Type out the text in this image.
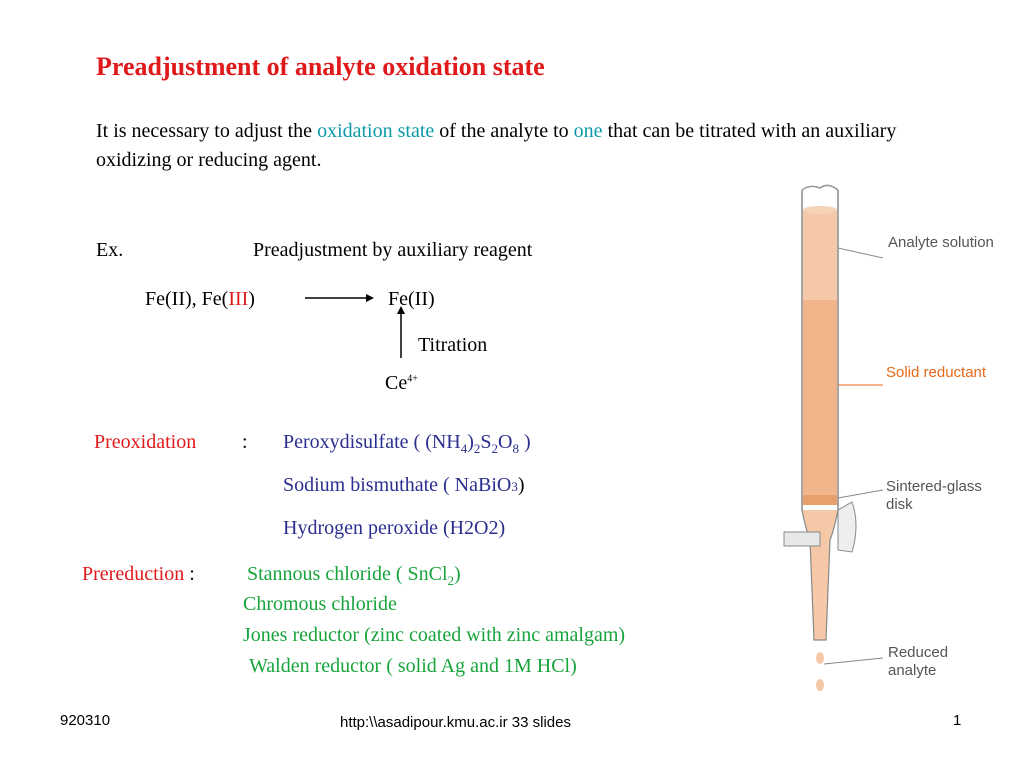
Preadjustment of analyte oxidation state
It is necessary to adjust the oxidation state of the analyte to one that can be titrated with an auxiliary oxidizing or reducing agent.
Ex.	Preadjustment by auxiliary reagent
Fe(II), Fe(III)	Fe(II)
Titration
$Ce^{4+}$
Preoxidation : Peroxydisulfate ( $(NH_4)_2S_2O_8$ )
Sodium bismuthate ( NaBiO3)
Hydrogen peroxide (H2O2)
Prereduction :	Stannous chloride ( SnCl$_2$)
Chromous chloride
Jones reductor (zinc coated with zinc amalgam)
Walden reductor ( solid Ag and 1M HCl)
Analyte solution
Solid reductant
Sintered-glass disk
Reduced analyte
920310	http:\\asadipour.kmu.ac.ir 33 slides	1
